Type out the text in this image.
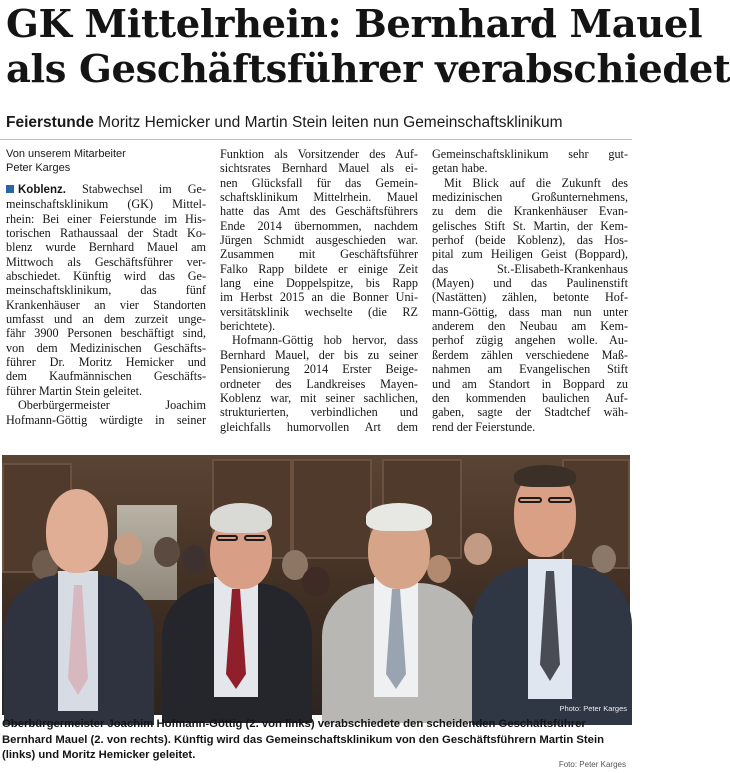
GK Mittelrhein: Bernhard Mauel
als Geschäftsführer verabschiedet
Feierstunde Moritz Hemicker und Martin Stein leiten nun Gemeinschaftsklinikum
Von unserem Mitarbeiter
Peter Karges
Koblenz. Stabwechsel im Ge-
meinschaftsklinikum (GK) Mittel-
rhein: Bei einer Feierstunde im His-
torischen Rathaussaal der Stadt Ko-
blenz wurde Bernhard Mauel am
Mittwoch als Geschäftsführer ver-
abschiedet. Künftig wird das Ge-
meinschaftsklinikum, das fünf
Krankenhäuser an vier Standorten
umfasst und an dem zurzeit unge-
fähr 3900 Personen beschäftigt sind,
von dem Medizinischen Geschäfts-
führer Dr. Moritz Hemicker und
dem Kaufmännischen Geschäfts-
führer Martin Stein geleitet.
Oberbürgermeister Joachim
Hofmann-Göttig würdigte in seiner
Funktion als Vorsitzender des Auf-
sichtsrates Bernhard Mauel als ei-
nen Glücksfall für das Gemein-
schaftsklinikum Mittelrhein. Mauel
hatte das Amt des Geschäftsführers
Ende 2014 übernommen, nachdem
Jürgen Schmidt ausgeschieden war.
Zusammen mit Geschäftsführer
Falko Rapp bildete er einige Zeit
lang eine Doppelspitze, bis Rapp
im Herbst 2015 an die Bonner Uni-
versitätsklinik wechselte (die RZ
berichtete).
Hofmann-Göttig hob hervor, dass
Bernhard Mauel, der bis zu seiner
Pensionierung 2014 Erster Beige-
ordneter des Landkreises Mayen-
Koblenz war, mit seiner sachlichen,
strukturierten, verbindlichen und
gleichfalls humorvollen Art dem
Gemeinschaftsklinikum sehr gut-
getan habe.
Mit Blick auf die Zukunft des
medizinischen Großunternehmens,
zu dem die Krankenhäuser Evan-
gelisches Stift St. Martin, der Kem-
perhof (beide Koblenz), das Hos-
pital zum Heiligen Geist (Boppard),
das St.-Elisabeth-Krankenhaus
(Mayen) und das Paulinenstift
(Nastätten) zählen, betonte Hof-
mann-Göttig, dass man nun unter
anderem den Neubau am Kem-
perhof zügig angehen wolle. Au-
ßerdem zählen verschiedene Maß-
nahmen am Evangelischen Stift
und am Standort in Boppard zu
den kommenden baulichen Auf-
gaben, sagte der Stadtchef wäh-
rend der Feierstunde.
Photo: Peter Karges
Oberbürgermeister Joachim Hofmann-Göttig (2. von links) verabschiedete den scheidenden Geschäftsführer
Bernhard Mauel (2. von rechts). Künftig wird das Gemeinschaftsklinikum von den Geschäftsführern Martin Stein
(links) und Moritz Hemicker geleitet.
Foto: Peter Karges
